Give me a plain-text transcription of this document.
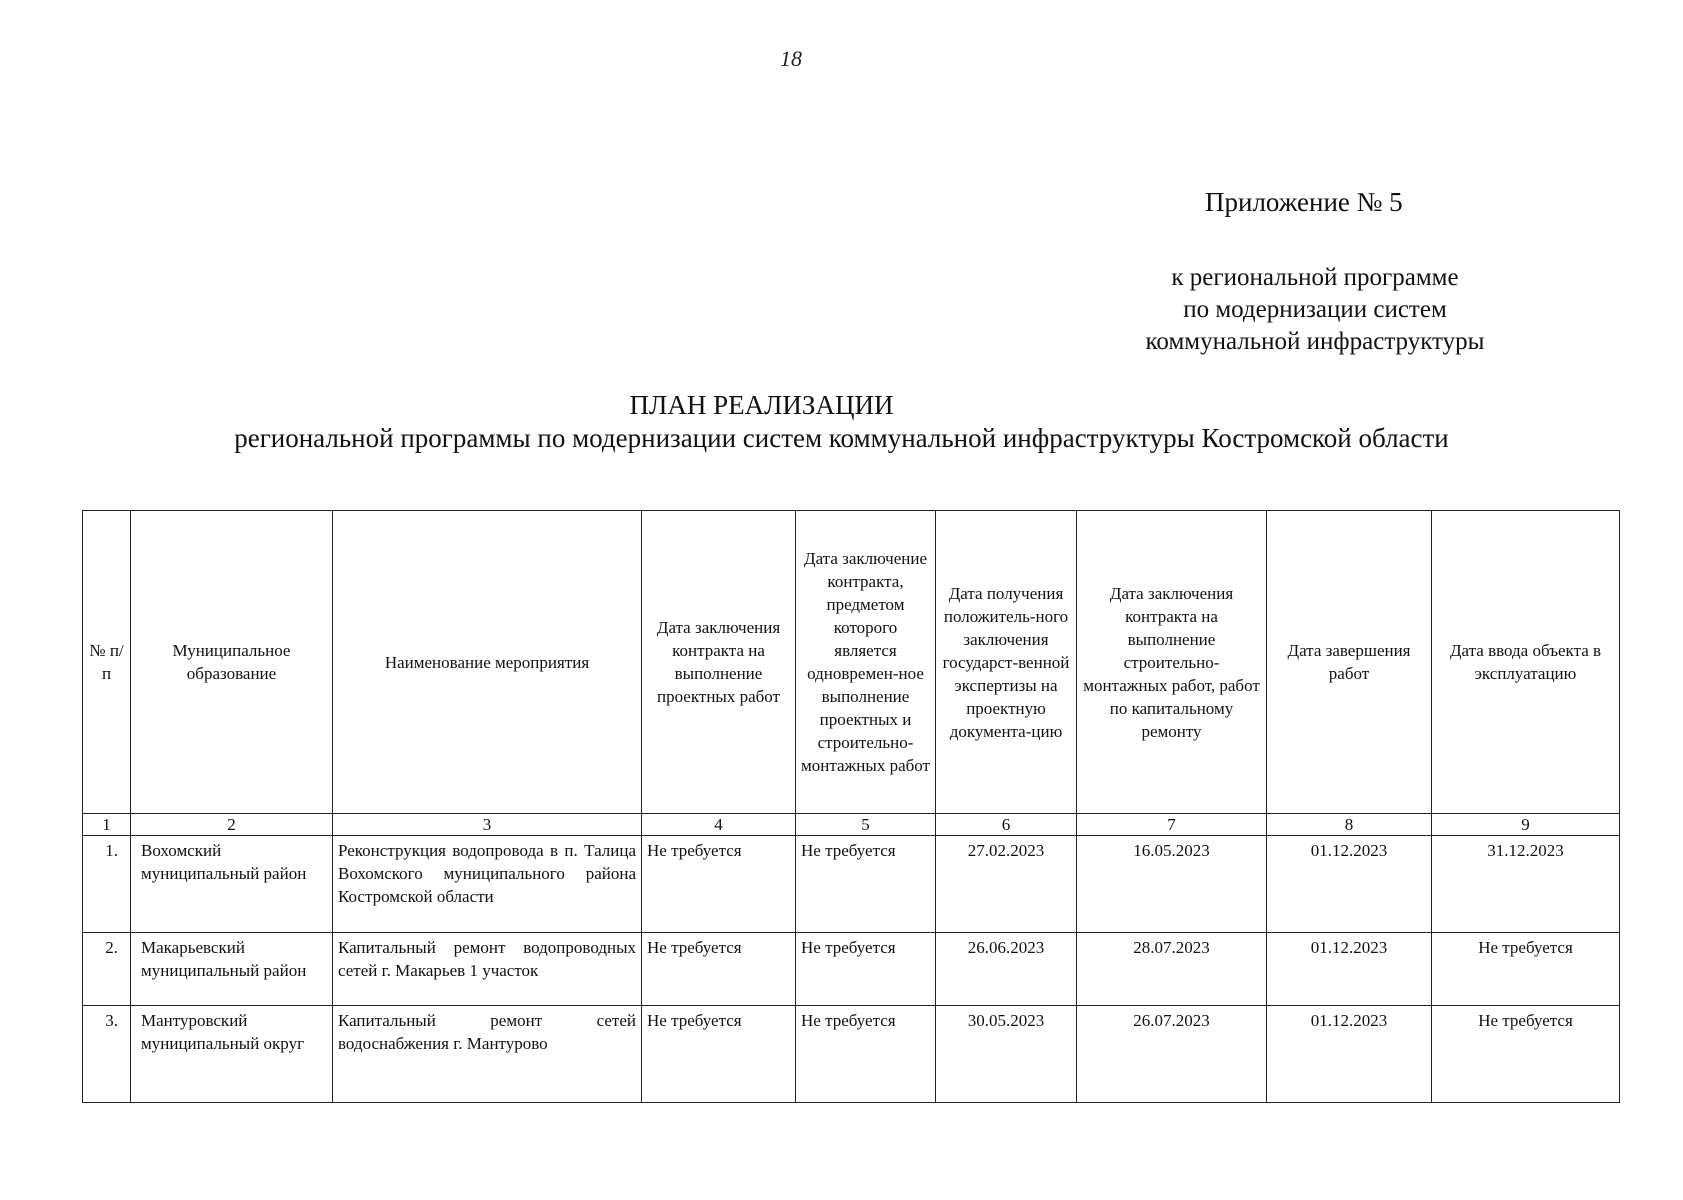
18
Приложение № 5
к региональной программе
по модернизации систем
коммунальной инфраструктуры
ПЛАН РЕАЛИЗАЦИИ
региональной программы по модернизации систем коммунальной инфраструктуры Костромской области
№ п/п	Муниципальное образование	Наименование мероприятия	Дата заключения контракта на выполнение проектных работ	Дата заключение контракта, предметом которого является одновремен-ное выполнение проектных и строительно-монтажных работ	Дата получения положитель-ного заключения государст-венной экспертизы на проектную документа-цию	Дата заключения контракта на выполнение строительно-монтажных работ, работ по капитальному ремонту	Дата завершения работ	Дата ввода объекта в эксплуатацию
1	2	3	4	5	6	7	8	9
1.	Вохомский муниципальный район	Реконструкция водопровода в п. Талица Вохомского муниципального района Костромской области	Не требуется	Не требуется	27.02.2023	16.05.2023	01.12.2023	31.12.2023
2.	Макарьевский муниципальный район	Капитальный ремонт водопроводных сетей г. Макарьев 1 участок	Не требуется	Не требуется	26.06.2023	28.07.2023	01.12.2023	Не требуется
3.	Мантуровский муниципальный округ	Капитальный ремонт сетей водоснабжения г. Мантурово	Не требуется	Не требуется	30.05.2023	26.07.2023	01.12.2023	Не требуется
